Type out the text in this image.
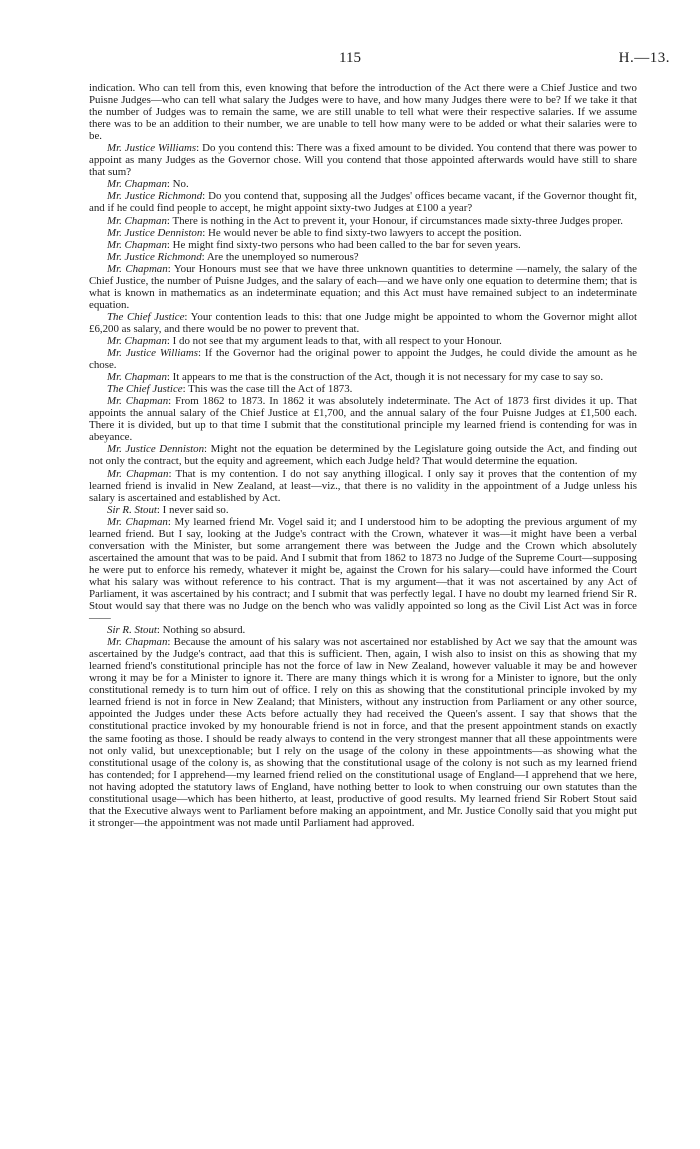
115	H.—13.

indication. Who can tell from this, even knowing that before the introduction of the Act there were a Chief Justice and two Puisne Judges—who can tell what salary the Judges were to have, and how many Judges there were to be? If we take it that the number of Judges was to remain the same, we are still unable to tell what were their respective salaries. If we assume there was to be an addition to their number, we are unable to tell how many were to be added or what their salaries were to be.

Mr. Justice Williams: Do you contend this: There was a fixed amount to be divided. You contend that there was power to appoint as many Judges as the Governor chose. Will you contend that those appointed afterwards would have still to share that sum?

Mr. Chapman: No.

Mr. Justice Richmond: Do you contend that, supposing all the Judges' offices became vacant, if the Governor thought fit, and if he could find people to accept, he might appoint sixty-two Judges at £100 a year?

Mr. Chapman: There is nothing in the Act to prevent it, your Honour, if circumstances made sixty-three Judges proper.

Mr. Justice Denniston: He would never be able to find sixty-two lawyers to accept the position.

Mr. Chapman: He might find sixty-two persons who had been called to the bar for seven years.

Mr. Justice Richmond: Are the unemployed so numerous?

Mr. Chapman: Your Honours must see that we have three unknown quantities to determine —namely, the salary of the Chief Justice, the number of Puisne Judges, and the salary of each—and we have only one equation to determine them; that is what is known in mathematics as an indeterminate equation; and this Act must have remained subject to an indeterminate equation.

The Chief Justice: Your contention leads to this: that one Judge might be appointed to whom the Governor might allot £6,200 as salary, and there would be no power to prevent that.

Mr. Chapman: I do not see that my argument leads to that, with all respect to your Honour.

Mr. Justice Williams: If the Governor had the original power to appoint the Judges, he could divide the amount as he chose.

Mr. Chapman: It appears to me that is the construction of the Act, though it is not necessary for my case to say so.

The Chief Justice: This was the case till the Act of 1873.

Mr. Chapman: From 1862 to 1873. In 1862 it was absolutely indeterminate. The Act of 1873 first divides it up. That appoints the annual salary of the Chief Justice at £1,700, and the annual salary of the four Puisne Judges at £1,500 each. There it is divided, but up to that time I submit that the constitutional principle my learned friend is contending for was in abeyance.

Mr. Justice Denniston: Might not the equation be determined by the Legislature going outside the Act, and finding out not only the contract, but the equity and agreement, which each Judge held? That would determine the equation.

Mr. Chapman: That is my contention. I do not say anything illogical. I only say it proves that the contention of my learned friend is invalid in New Zealand, at least—viz., that there is no validity in the appointment of a Judge unless his salary is ascertained and established by Act.

Sir R. Stout: I never said so.

Mr. Chapman: My learned friend Mr. Vogel said it; and I understood him to be adopting the previous argument of my learned friend. But I say, looking at the Judge's contract with the Crown, whatever it was—it might have been a verbal conversation with the Minister, but some arrangement there was between the Judge and the Crown which absolutely ascertained the amount that was to be paid. And I submit that from 1862 to 1873 no Judge of the Supreme Court—supposing he were put to enforce his remedy, whatever it might be, against the Crown for his salary—could have informed the Court what his salary was without reference to his contract. That is my argument—that it was not ascertained by any Act of Parliament, it was ascertained by his contract; and I submit that was perfectly legal. I have no doubt my learned friend Sir R. Stout would say that there was no Judge on the bench who was validly appointed so long as the Civil List Act was in force——

Sir R. Stout: Nothing so absurd.

Mr. Chapman: Because the amount of his salary was not ascertained nor established by Act we say that the amount was ascertained by the Judge's contract, aad that this is sufficient. Then, again, I wish also to insist on this as showing that my learned friend's constitutional principle has not the force of law in New Zealand, however valuable it may be and however wrong it may be for a Minister to ignore it. There are many things which it is wrong for a Minister to ignore, but the only constitutional remedy is to turn him out of office. I rely on this as showing that the constitutional principle invoked by my learned friend is not in force in New Zealand; that Ministers, without any instruction from Parliament or any other source, appointed the Judges under these Acts before actually they had received the Queen's assent. I say that shows that the constitutional practice invoked by my honourable friend is not in force, and that the present appointment stands on exactly the same footing as those. I should be ready always to contend in the very strongest manner that all these appointments were not only valid, but unexceptionable; but I rely on the usage of the colony in these appointments—as showing what the constitutional usage of the colony is, as showing that the constitutional usage of the colony is not such as my learned friend has contended; for I apprehend—my learned friend relied on the constitutional usage of England—I apprehend that we here, not having adopted the statutory laws of England, have nothing better to look to when construing our own statutes than the constitutional usage—which has been hitherto, at least, productive of good results. My learned friend Sir Robert Stout said that the Executive always went to Parliament before making an appointment, and Mr. Justice Conolly said that you might put it stronger—the appointment was not made until Parliament had approved.
